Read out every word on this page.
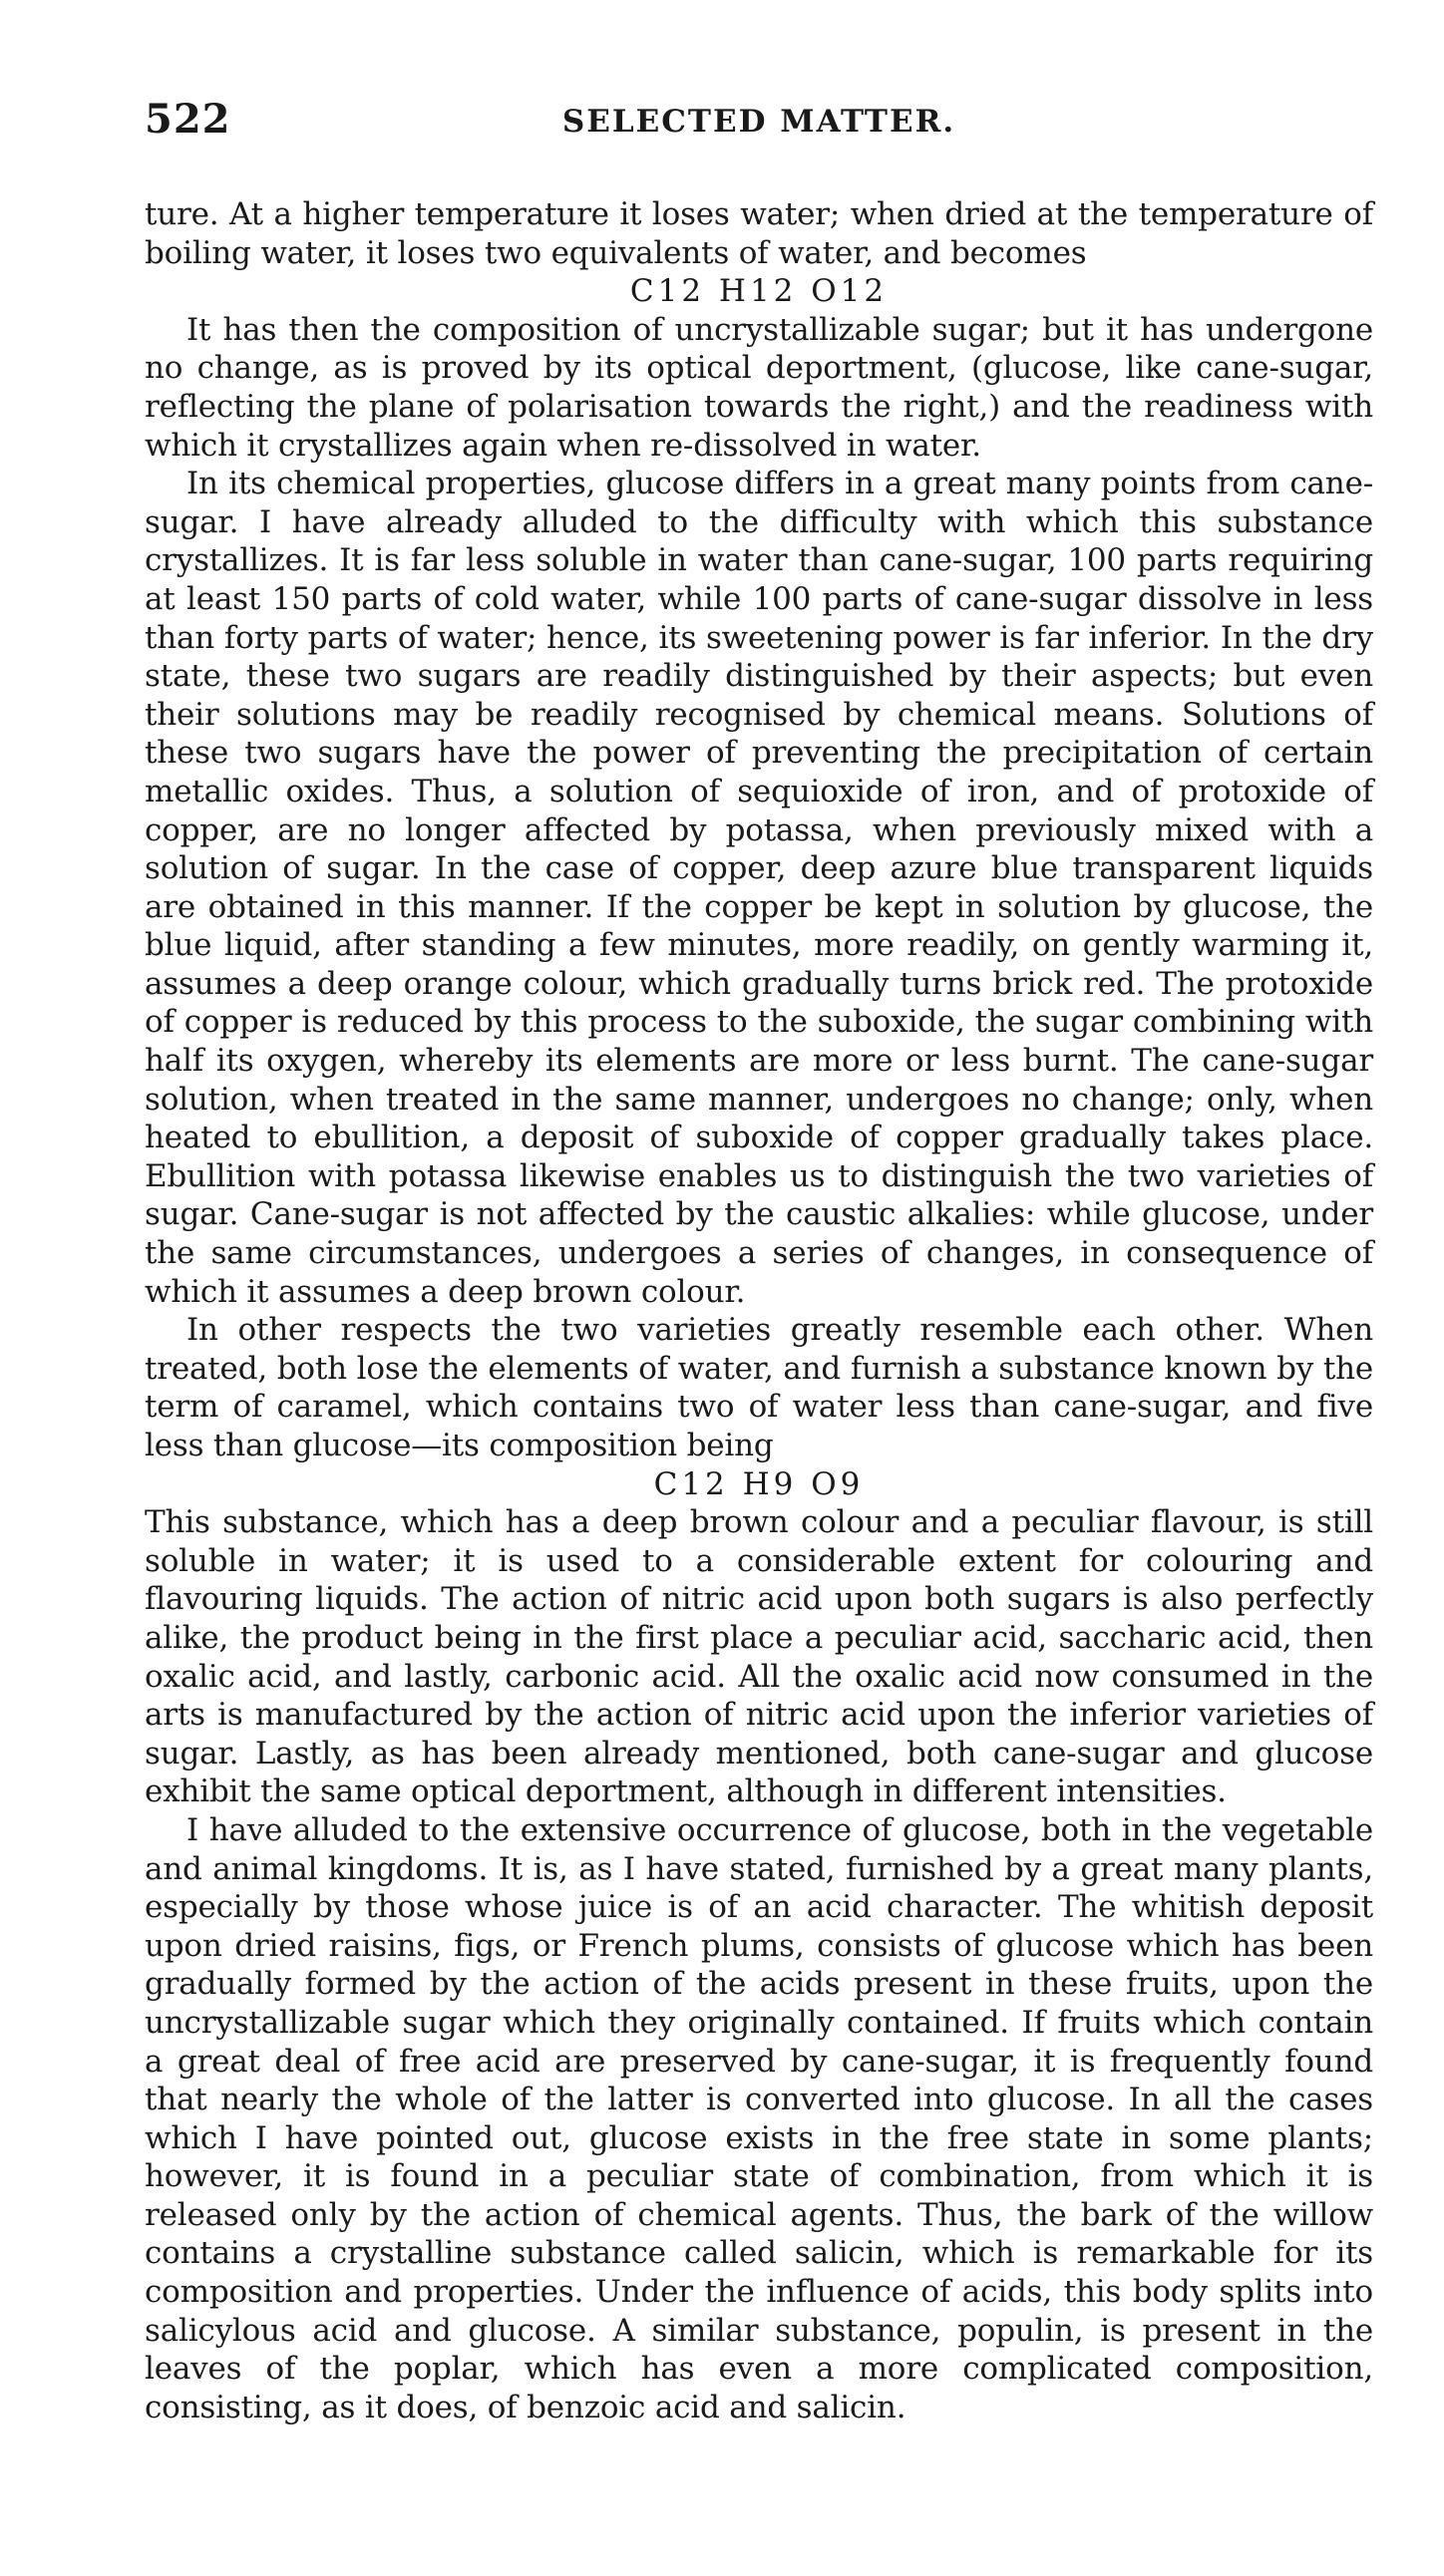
522	SELECTED MATTER.

ture. At a higher temperature it loses water; when dried at the temperature of boiling water, it loses two equivalents of water, and becomes

C12 H12 O12

It has then the composition of uncrystallizable sugar; but it has undergone no change, as is proved by its optical deportment, (glucose, like cane-sugar, reflecting the plane of polarisation towards the right,) and the readiness with which it crystallizes again when re-dissolved in water.

In its chemical properties, glucose differs in a great many points from cane-sugar. I have already alluded to the difficulty with which this substance crystallizes. It is far less soluble in water than cane-sugar, 100 parts requiring at least 150 parts of cold water, while 100 parts of cane-sugar dissolve in less than forty parts of water; hence, its sweetening power is far inferior. In the dry state, these two sugars are readily distinguished by their aspects; but even their solutions may be readily recognised by chemical means. Solutions of these two sugars have the power of preventing the precipitation of certain metallic oxides. Thus, a solution of sequioxide of iron, and of protoxide of copper, are no longer affected by potassa, when previously mixed with a solution of sugar. In the case of copper, deep azure blue transparent liquids are obtained in this manner. If the copper be kept in solution by glucose, the blue liquid, after standing a few minutes, more readily, on gently warming it, assumes a deep orange colour, which gradually turns brick red. The protoxide of copper is reduced by this process to the suboxide, the sugar combining with half its oxygen, whereby its elements are more or less burnt. The cane-sugar solution, when treated in the same manner, undergoes no change; only, when heated to ebullition, a deposit of suboxide of copper gradually takes place. Ebullition with potassa likewise enables us to distinguish the two varieties of sugar. Cane-sugar is not affected by the caustic alkalies: while glucose, under the same circumstances, undergoes a series of changes, in consequence of which it assumes a deep brown colour.

In other respects the two varieties greatly resemble each other. When treated, both lose the elements of water, and furnish a substance known by the term of caramel, which contains two of water less than cane-sugar, and five less than glucose—its composition being

C12 H9 O9

This substance, which has a deep brown colour and a peculiar flavour, is still soluble in water; it is used to a considerable extent for colouring and flavouring liquids. The action of nitric acid upon both sugars is also perfectly alike, the product being in the first place a peculiar acid, saccharic acid, then oxalic acid, and lastly, carbonic acid. All the oxalic acid now consumed in the arts is manufactured by the action of nitric acid upon the inferior varieties of sugar. Lastly, as has been already mentioned, both cane-sugar and glucose exhibit the same optical deportment, although in different intensities.

I have alluded to the extensive occurrence of glucose, both in the vegetable and animal kingdoms. It is, as I have stated, furnished by a great many plants, especially by those whose juice is of an acid character. The whitish deposit upon dried raisins, figs, or French plums, consists of glucose which has been gradually formed by the action of the acids present in these fruits, upon the uncrystallizable sugar which they originally contained. If fruits which contain a great deal of free acid are preserved by cane-sugar, it is frequently found that nearly the whole of the latter is converted into glucose. In all the cases which I have pointed out, glucose exists in the free state in some plants; however, it is found in a peculiar state of combination, from which it is released only by the action of chemical agents. Thus, the bark of the willow contains a crystalline substance called salicin, which is remarkable for its composition and properties. Under the influence of acids, this body splits into salicylous acid and glucose. A similar substance, populin, is present in the leaves of the poplar, which has even a more complicated composition, consisting, as it does, of benzoic acid and salicin.
